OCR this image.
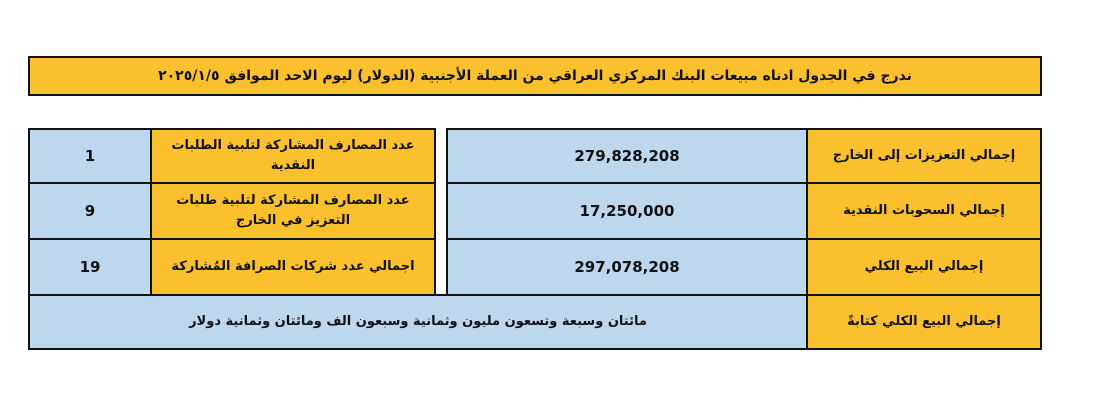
ندرج في الجدول ادناه مبيعات البنك المركزي العراقي من العملة الأجنبية (الدولار) ليوم الاحد الموافق ٢٠٢٥/١/٥
إجمالي التعزيزات إلى الخارج
279,828,208
إجمالي السحوبات النقدية
17,250,000
إجمالي البيع الكلي
297,078,208
عدد المصارف المشاركة لتلبية الطلبات النقدية
1
عدد المصارف المشاركة لتلبية طلبات التعزيز في الخارج
9
اجمالي عدد شركات الصرافة المُشاركة
19
إجمالي البيع الكلي كتابةً
مائتان وسبعة وتسعون مليون وثمانية وسبعون الف ومائتان وثمانية دولار
